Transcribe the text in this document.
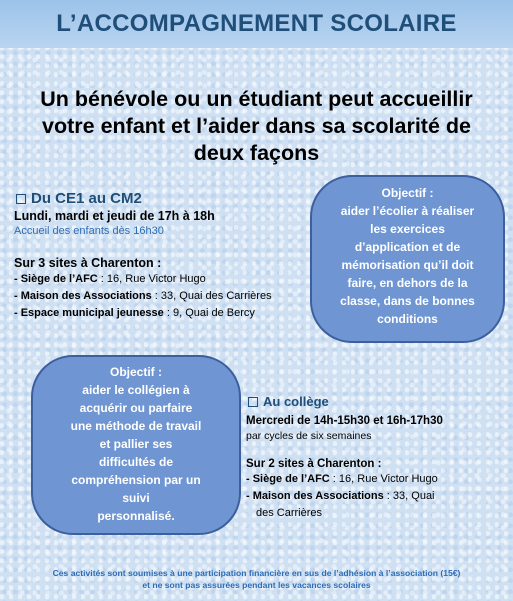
L’ACCOMPAGNEMENT SCOLAIRE
Un bénévole ou un étudiant peut accueillir
votre enfant et l’aider dans sa scolarité de
deux façons
Du CE1 au CM2
Lundi, mardi et jeudi de 17h à 18h
Accueil des enfants dès 16h30
Sur 3 sites à Charenton :
- Siège de l’AFC : 16, Rue Victor Hugo
- Maison des Associations : 33, Quai des Carrières
- Espace municipal jeunesse : 9, Quai de Bercy
Objectif :
aider l’écolier à réaliser
les exercices
d’application et de
mémorisation qu’il doit
faire, en dehors de la
classe, dans de bonnes
conditions
Objectif :
aider le collégien à
acquérir ou parfaire
une méthode de travail
et pallier ses
difficultés de
compréhension par un
suivi
personnalisé.
Au collège
Mercredi de 14h-15h30 et 16h-17h30
par cycles de six semaines
Sur 2 sites à Charenton :
- Siège de l’AFC : 16, Rue Victor Hugo
- Maison des Associations : 33, Quai
des Carrières
Ces activités sont soumises à une participation financière en sus de l’adhésion à l’association (15€)
et ne sont pas assurées pendant les vacances scolaires
